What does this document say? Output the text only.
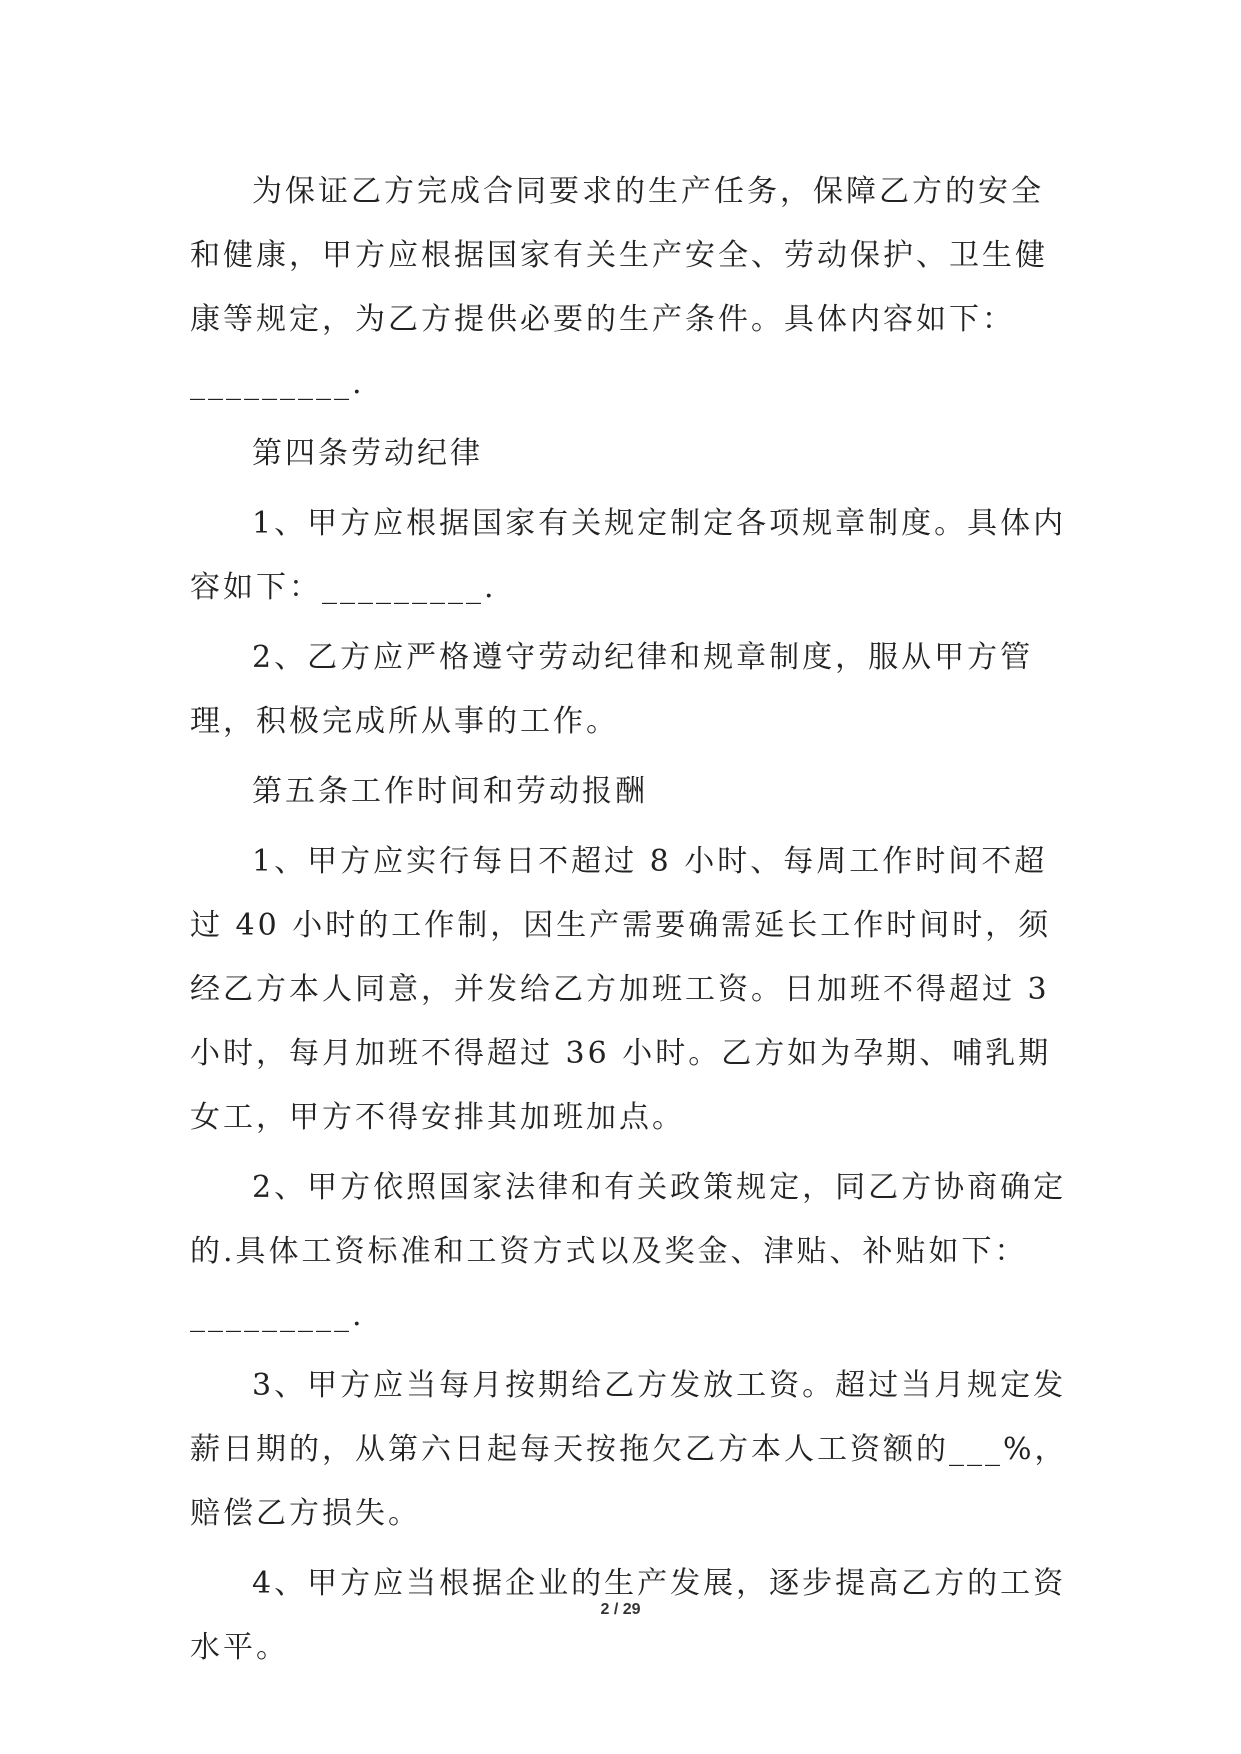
为保证乙方完成合同要求的生产任务，保障乙方的安全和健康，甲方应根据国家有关生产安全、劳动保护、卫生健康等规定，为乙方提供必要的生产条件。具体内容如下：_________.

第四条劳动纪律

1、甲方应根据国家有关规定制定各项规章制度。具体内容如下：_________.

2、乙方应严格遵守劳动纪律和规章制度，服从甲方管理，积极完成所从事的工作。

第五条工作时间和劳动报酬

1、甲方应实行每日不超过 8 小时、每周工作时间不超过 40 小时的工作制，因生产需要确需延长工作时间时，须经乙方本人同意，并发给乙方加班工资。日加班不得超过 3 小时，每月加班不得超过 36 小时。乙方如为孕期、哺乳期女工，甲方不得安排其加班加点。

2、甲方依照国家法律和有关政策规定，同乙方协商确定的.具体工资标准和工资方式以及奖金、津贴、补贴如下：_________.

3、甲方应当每月按期给乙方发放工资。超过当月规定发薪日期的，从第六日起每天按拖欠乙方本人工资额的___%，赔偿乙方损失。

4、甲方应当根据企业的生产发展，逐步提高乙方的工资水平。

2 / 29
